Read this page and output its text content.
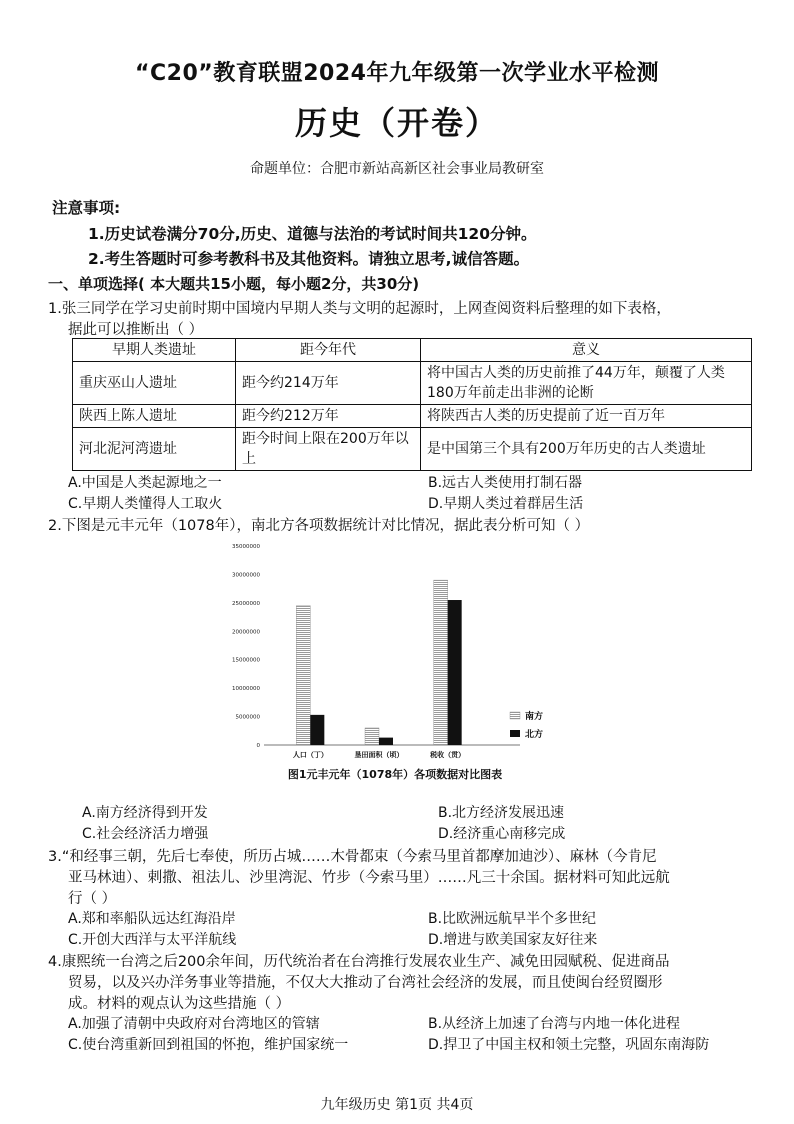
“C20”教育联盟2024年九年级第一次学业水平检测
历史（开卷）
命题单位：合肥市新站高新区社会事业局教研室
注意事项:
1.历史试卷满分70分,历史、道德与法治的考试时间共120分钟。
2.考生答题时可参考教科书及其他资料。请独立思考,诚信答题。
一、单项选择( 本大题共15小题，每小题2分，共30分)
1.张三同学在学习史前时期中国境内早期人类与文明的起源时，上网查阅资料后整理的如下表格，
据此可以推断出（ ）
早期人类遗址	距今年代	意义
重庆巫山人遗址	距今约214万年	将中国古人类的历史前推了44万年，颠覆了人类180万年前走出非洲的论断
陕西上陈人遗址	距今约212万年	将陕西古人类的历史提前了近一百万年
河北泥河湾遗址	距今时间上限在200万年以上	是中国第三个具有200万年历史的古人类遗址
A.中国是人类起源地之一	B.远古人类使用打制石器
C.早期人类懂得人工取火	D.早期人类过着群居生活
2.下图是元丰元年（1078年），南北方各项数据统计对比情况，据此表分析可知（ ）
0
5000000
10000000
15000000
20000000
25000000
30000000
35000000
人口（丁）	垦田面积（顷）	税收（贯）
南方
北方
图1元丰元年（1078年）各项数据对比图表
A.南方经济得到开发	B.北方经济发展迅速
C.社会经济活力增强	D.经济重心南移完成
3.“和经事三朝，先后七奉使，所历占城……木骨都束（今索马里首都摩加迪沙）、麻林（今肯尼
亚马林迪）、剌撒、祖法儿、沙里湾泥、竹步（今索马里）……凡三十余国。据材料可知此远航
行（ ）
A.郑和率船队远达红海沿岸	B.比欧洲远航早半个多世纪
C.开创大西洋与太平洋航线	D.增进与欧美国家友好往来
4.康熙统一台湾之后200余年间，历代统治者在台湾推行发展农业生产、减免田园赋税、促进商品
贸易，以及兴办洋务事业等措施，不仅大大推动了台湾社会经济的发展，而且使闽台经贸圈形
成。材料的观点认为这些措施（ ）
A.加强了清朝中央政府对台湾地区的管辖	B.从经济上加速了台湾与内地一体化进程
C.使台湾重新回到祖国的怀抱，维护国家统一	D.捍卫了中国主权和领土完整，巩固东南海防
九年级历史 第1页 共4页
